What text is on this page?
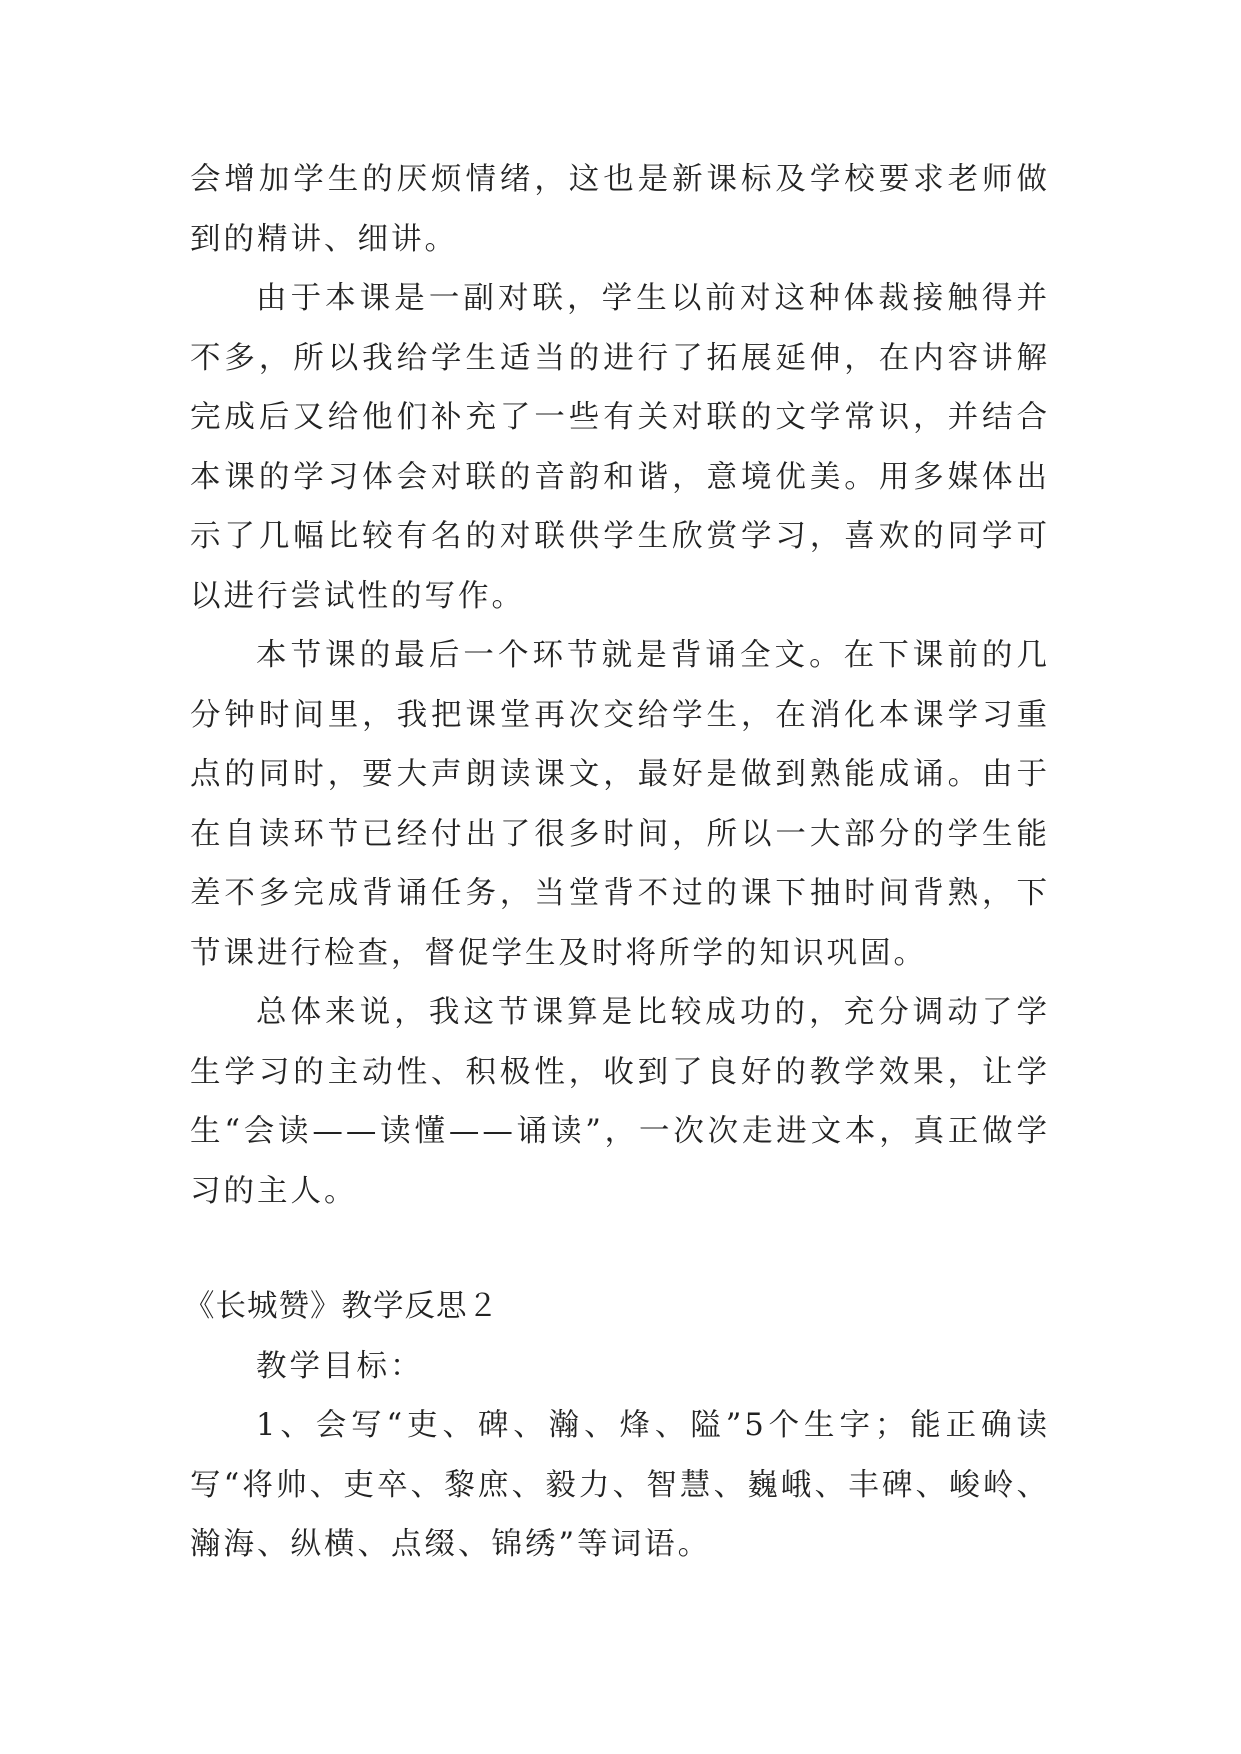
会增加学生的厌烦情绪，这也是新课标及学校要求老师做到的精讲、细讲。

由于本课是一副对联，学生以前对这种体裁接触得并不多，所以我给学生适当的进行了拓展延伸，在内容讲解完成后又给他们补充了一些有关对联的文学常识，并结合本课的学习体会对联的音韵和谐，意境优美。用多媒体出示了几幅比较有名的对联供学生欣赏学习，喜欢的同学可以进行尝试性的写作。

本节课的最后一个环节就是背诵全文。在下课前的几分钟时间里，我把课堂再次交给学生，在消化本课学习重点的同时，要大声朗读课文，最好是做到熟能成诵。由于在自读环节已经付出了很多时间，所以一大部分的学生能差不多完成背诵任务，当堂背不过的课下抽时间背熟，下节课进行检查，督促学生及时将所学的知识巩固。

总体来说，我这节课算是比较成功的，充分调动了学生学习的主动性、积极性，收到了良好的教学效果，让学生“会读——读懂——诵读”，一次次走进文本，真正做学习的主人。

《长城赞》教学反思２

教学目标：

1、会写“吏、碑、瀚、烽、隘”5个生字；能正确读写“将帅、吏卒、黎庶、毅力、智慧、巍峨、丰碑、峻岭、瀚海、纵横、点缀、锦绣”等词语。
